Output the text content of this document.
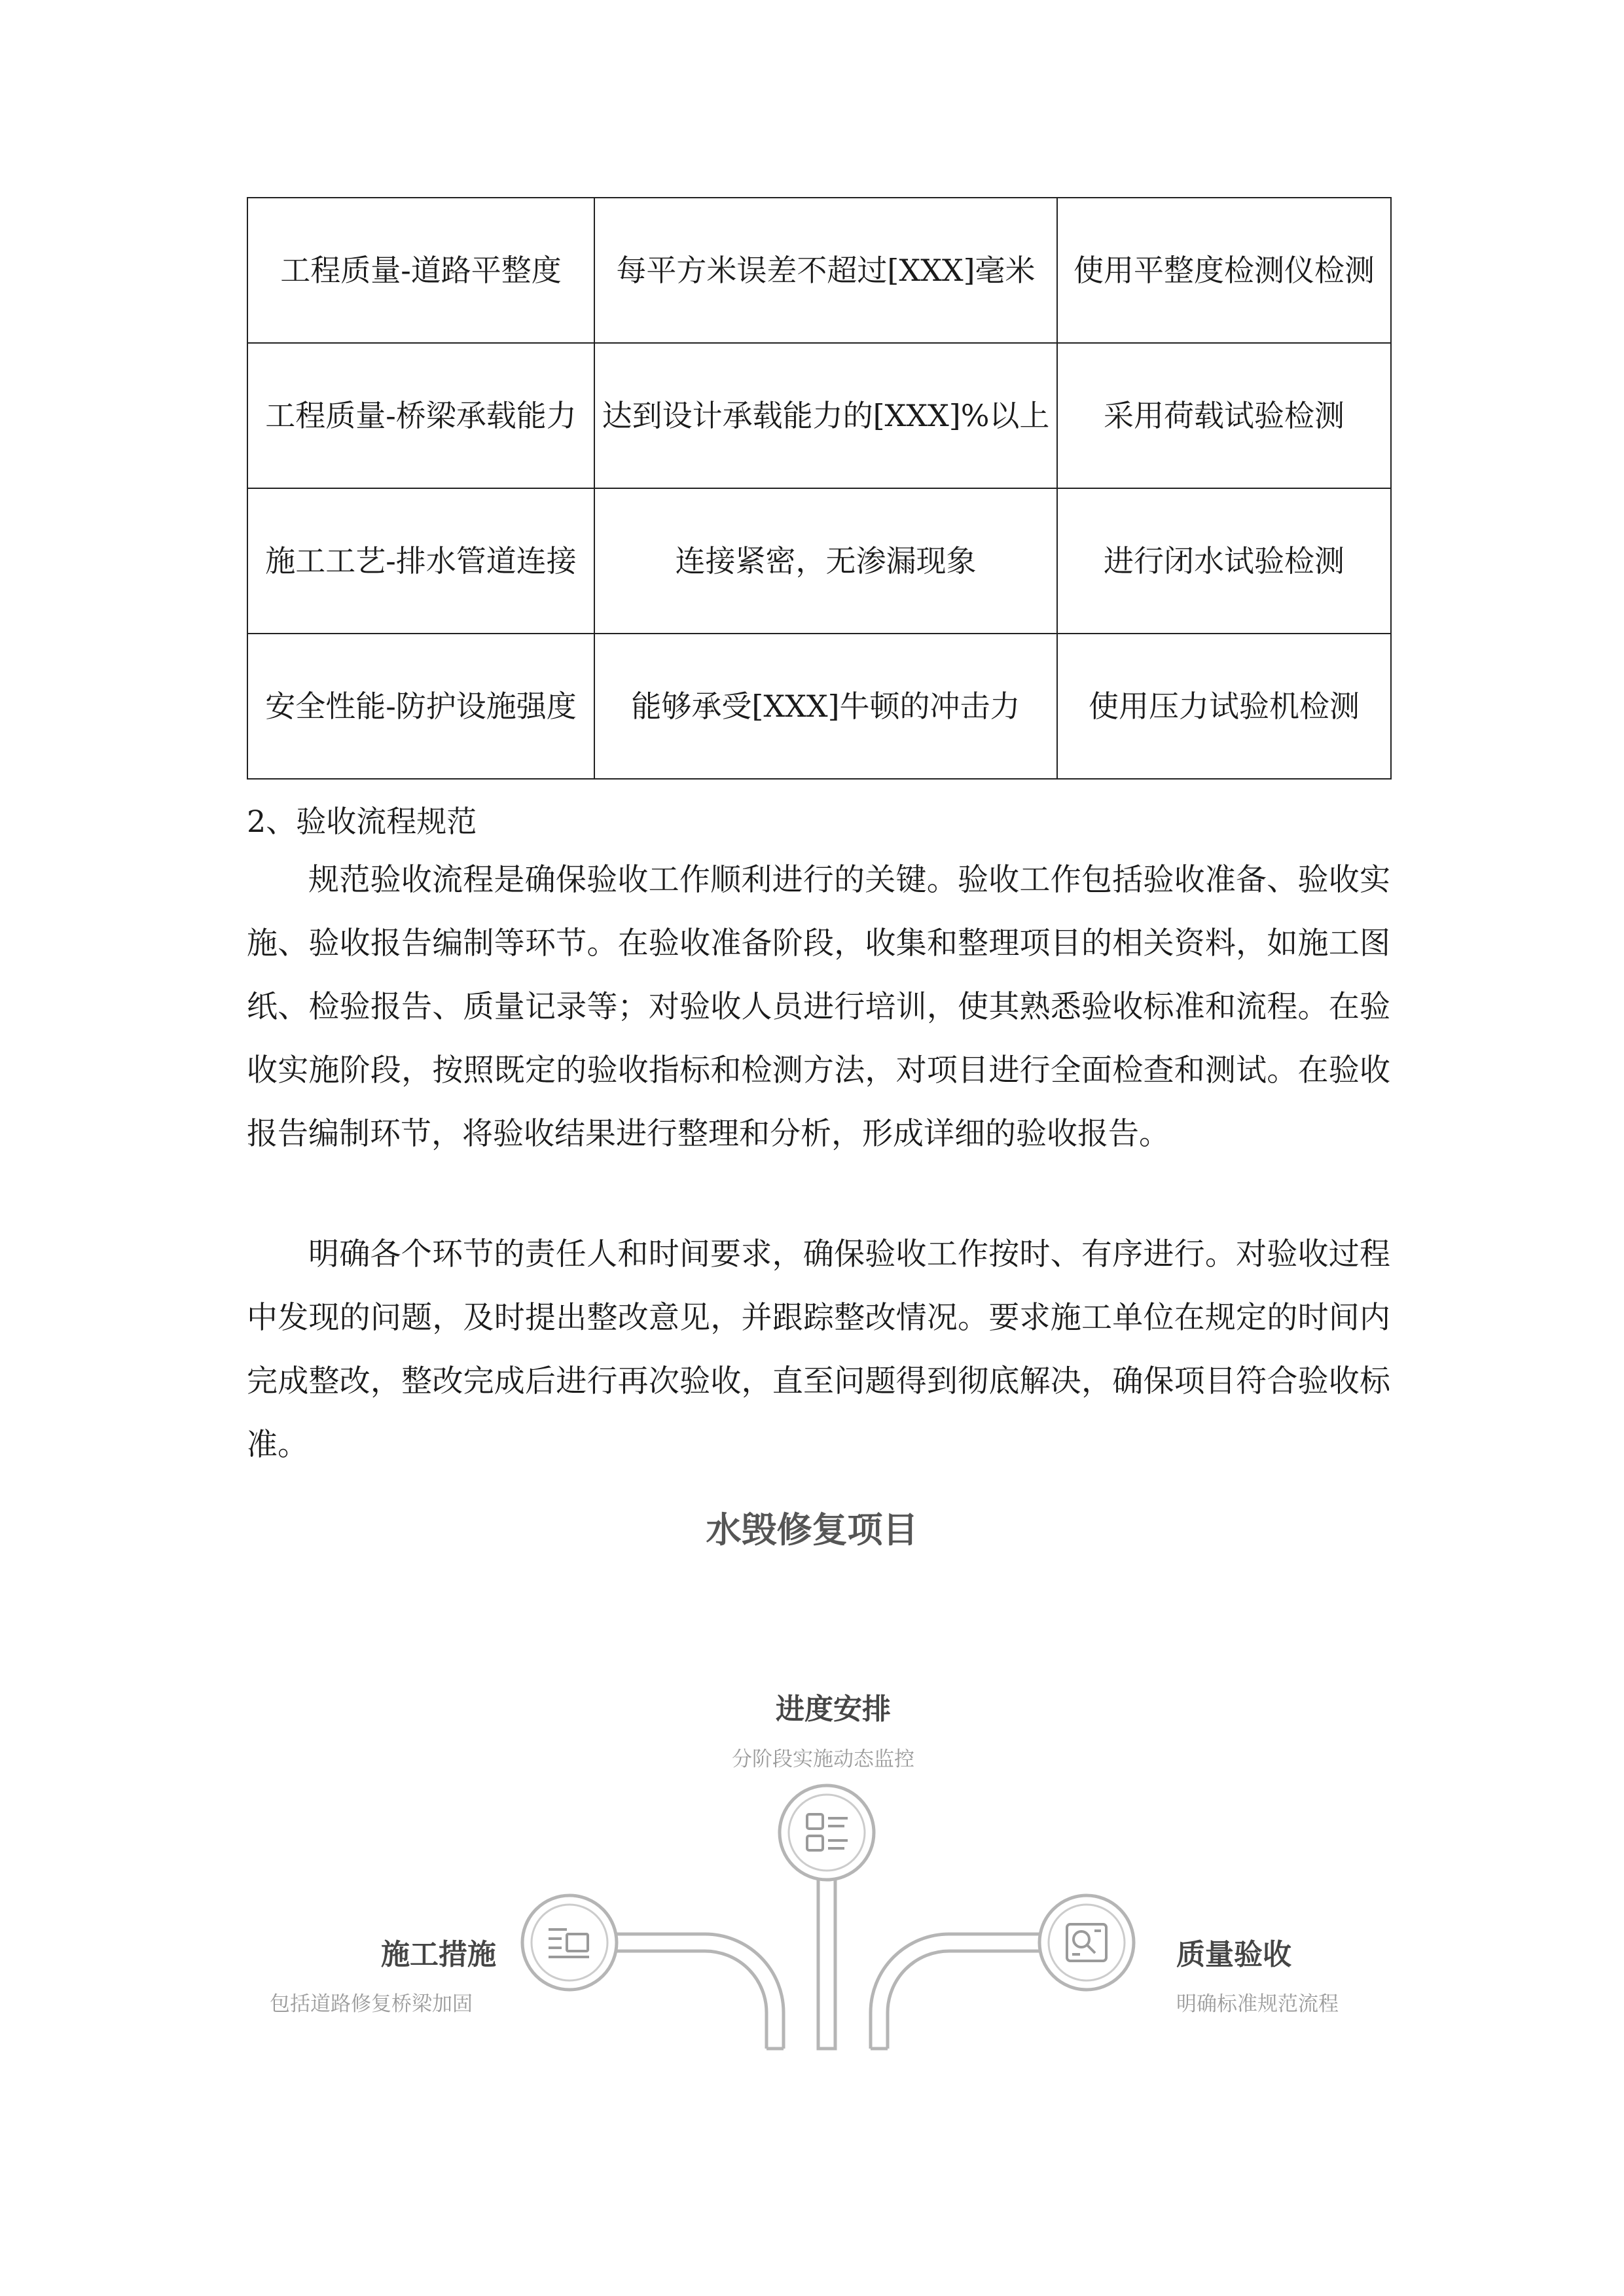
工程质量-道路平整度	每平方米误差不超过[XXX]毫米	使用平整度检测仪检测
工程质量-桥梁承载能力	达到设计承载能力的[XXX]%以上	采用荷载试验检测
施工工艺-排水管道连接	连接紧密，无渗漏现象	进行闭水试验检测
安全性能-防护设施强度	能够承受[XXX]牛顿的冲击力	使用压力试验机检测
2、验收流程规范

规范验收流程是确保验收工作顺利进行的关键。验收工作包括验收准备、验收实施、验收报告编制等环节。在验收准备阶段，收集和整理项目的相关资料，如施工图纸、检验报告、质量记录等；对验收人员进行培训，使其熟悉验收标准和流程。在验收实施阶段，按照既定的验收指标和检测方法，对项目进行全面检查和测试。在验收报告编制环节，将验收结果进行整理和分析，形成详细的验收报告。

明确各个环节的责任人和时间要求，确保验收工作按时、有序进行。对验收过程中发现的问题，及时提出整改意见，并跟踪整改情况。要求施工单位在规定的时间内完成整改，整改完成后进行再次验收，直至问题得到彻底解决，确保项目符合验收标准。

水毁修复项目
进度安排
分阶段实施动态监控
施工措施
包括道路修复桥梁加固
质量验收
明确标准规范流程
